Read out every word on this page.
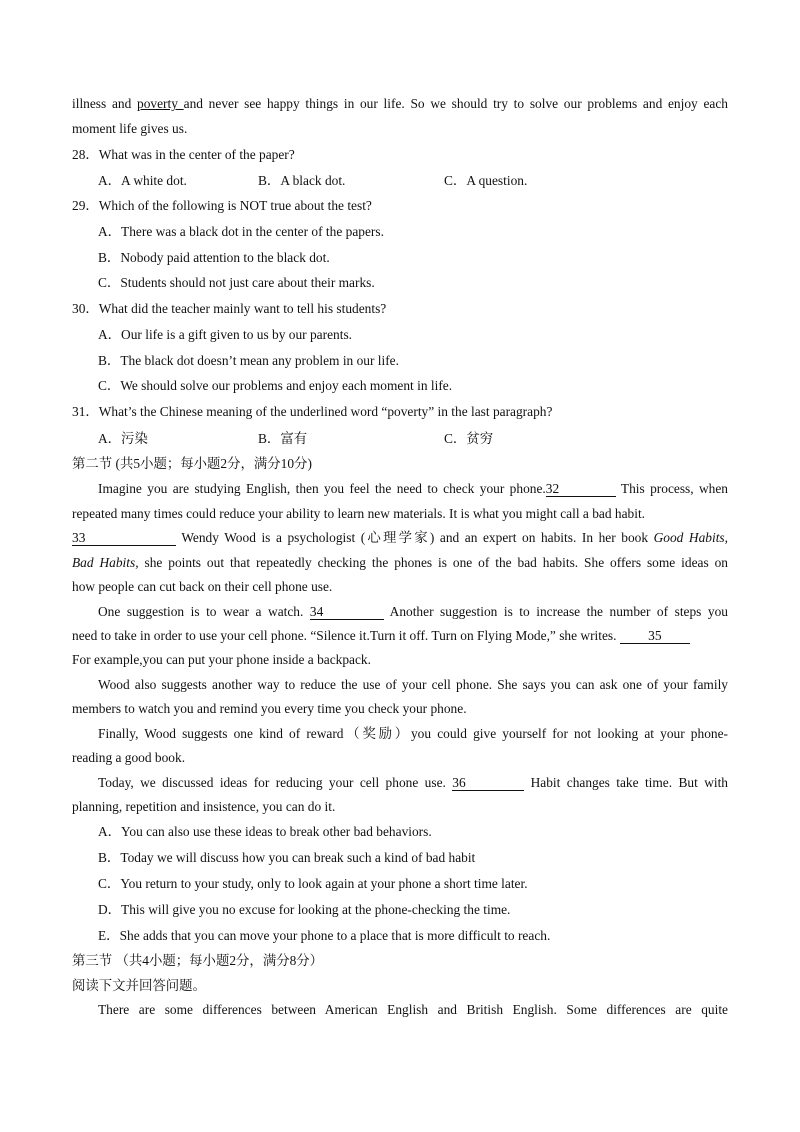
illness and poverty and never see happy things in our life. So we should try to solve our problems and enjoy each
moment life gives us.
28．What was in the center of the paper?
A．A white dot.	B．A black dot.	C．A question.
29．Which of the following is NOT true about the test?
A．There was a black dot in the center of the papers.
B．Nobody paid attention to the black dot.
C．Students should not just care about their marks.
30．What did the teacher mainly want to tell his students?
A．Our life is a gift given to us by our parents.
B．The black dot doesn’t mean any problem in our life.
C．We should solve our problems and enjoy each moment in life.
31．What’s the Chinese meaning of the underlined word “poverty” in the last paragraph?
A．污染	B．富有	C．贫穷
第二节 (共5小题；每小题2分，满分10分)
Imagine you are studying English, then you feel the need to check your phone.32	This process, when
repeated many times could reduce your ability to learn new materials. It is what you might call a bad habit.
33	Wendy Wood is a psychologist (心理学家) and an expert on habits. In her book Good Habits,
Bad Habits, she points out that repeatedly checking the phones is one of the bad habits. She offers some ideas on
how people can cut back on their cell phone use.
One suggestion is to wear a watch. 34	Another suggestion is to increase the number of steps you
need to take in order to use your cell phone. “Silence it.Turn it off. Turn on Flying Mode,” she writes. 35
For example,you can put your phone inside a backpack.
Wood also suggests another way to reduce the use of your cell phone. She says you can ask one of your family
members to watch you and remind you every time you check your phone.
Finally, Wood suggests one kind of reward（奖励）you could give yourself for not looking at your phone-
reading a good book.
Today, we discussed ideas for reducing your cell phone use. 36	Habit changes take time. But with
planning, repetition and insistence, you can do it.
A．You can also use these ideas to break other bad behaviors.
B．Today we will discuss how you can break such a kind of bad habit
C．You return to your study, only to look again at your phone a short time later.
D．This will give you no excuse for looking at the phone-checking the time.
E．She adds that you can move your phone to a place that is more difficult to reach.
第三节 （共4小题；每小题2分，满分8分）
阅读下文并回答问题。
There are some differences between American English and British English. Some differences are quite
